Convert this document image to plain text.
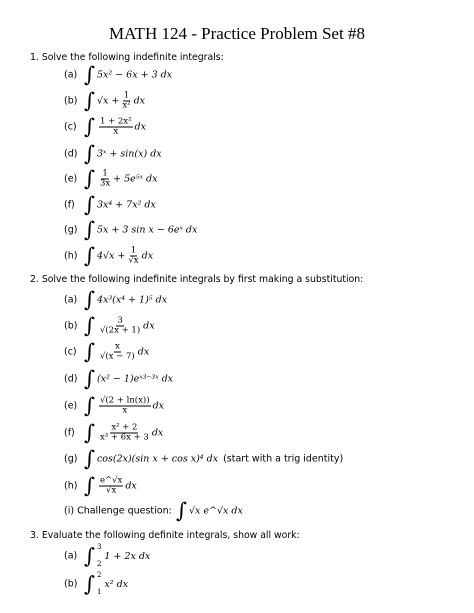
MATH 124 - Practice Problem Set #8
1. Solve the following indefinite integrals:
(a) ∫ 5x² − 6x + 3 dx
(b) ∫ $√x + \frac{1}{\text{x²}}$ dx
(c) ∫ $\frac{\text{1 + 2x²}}{x}$ dx
(d) ∫ 3ˣ + sin(x) dx
(e) ∫ $\frac{1}{3x}$ + 5e⁵ˣ dx
(f) ∫ 3x⁴ + 7x² dx
(g) ∫ 5x + 3 sin x − 6eˣ dx
(h) ∫ $4√x + \frac{1}{√x}$ dx
2. Solve the following indefinite integrals by first making a substitution:
(a) ∫ 4x³(x⁴ + 1)⁵ dx
(b) ∫ $\frac{3}{√(2x + 1)}$ dx
(c) ∫ $\frac{x}{√(x - 7)}$ dx
(d) ∫ (x² − 1)eˣ³⁻³ˣ dx
(e) ∫ $\frac{√(2 + \ln(x))}{x}$ dx
(f) ∫ $\frac{\text{x² + 2}}{\text{x³ + 6x + 3}}$ dx
(g) ∫ cos(2x)(sin x + cos x)⁴ dx (start with a trig identity)
(h) ∫ $\frac{e\^{}√x}{√x}$ dx
(i) Challenge question: ∫ √x e^√x dx
3. Evaluate the following definite integrals, show all work:
(a) ∫ 3
2
1 + 2x dx
(b) ∫ 2
1
x² dx
